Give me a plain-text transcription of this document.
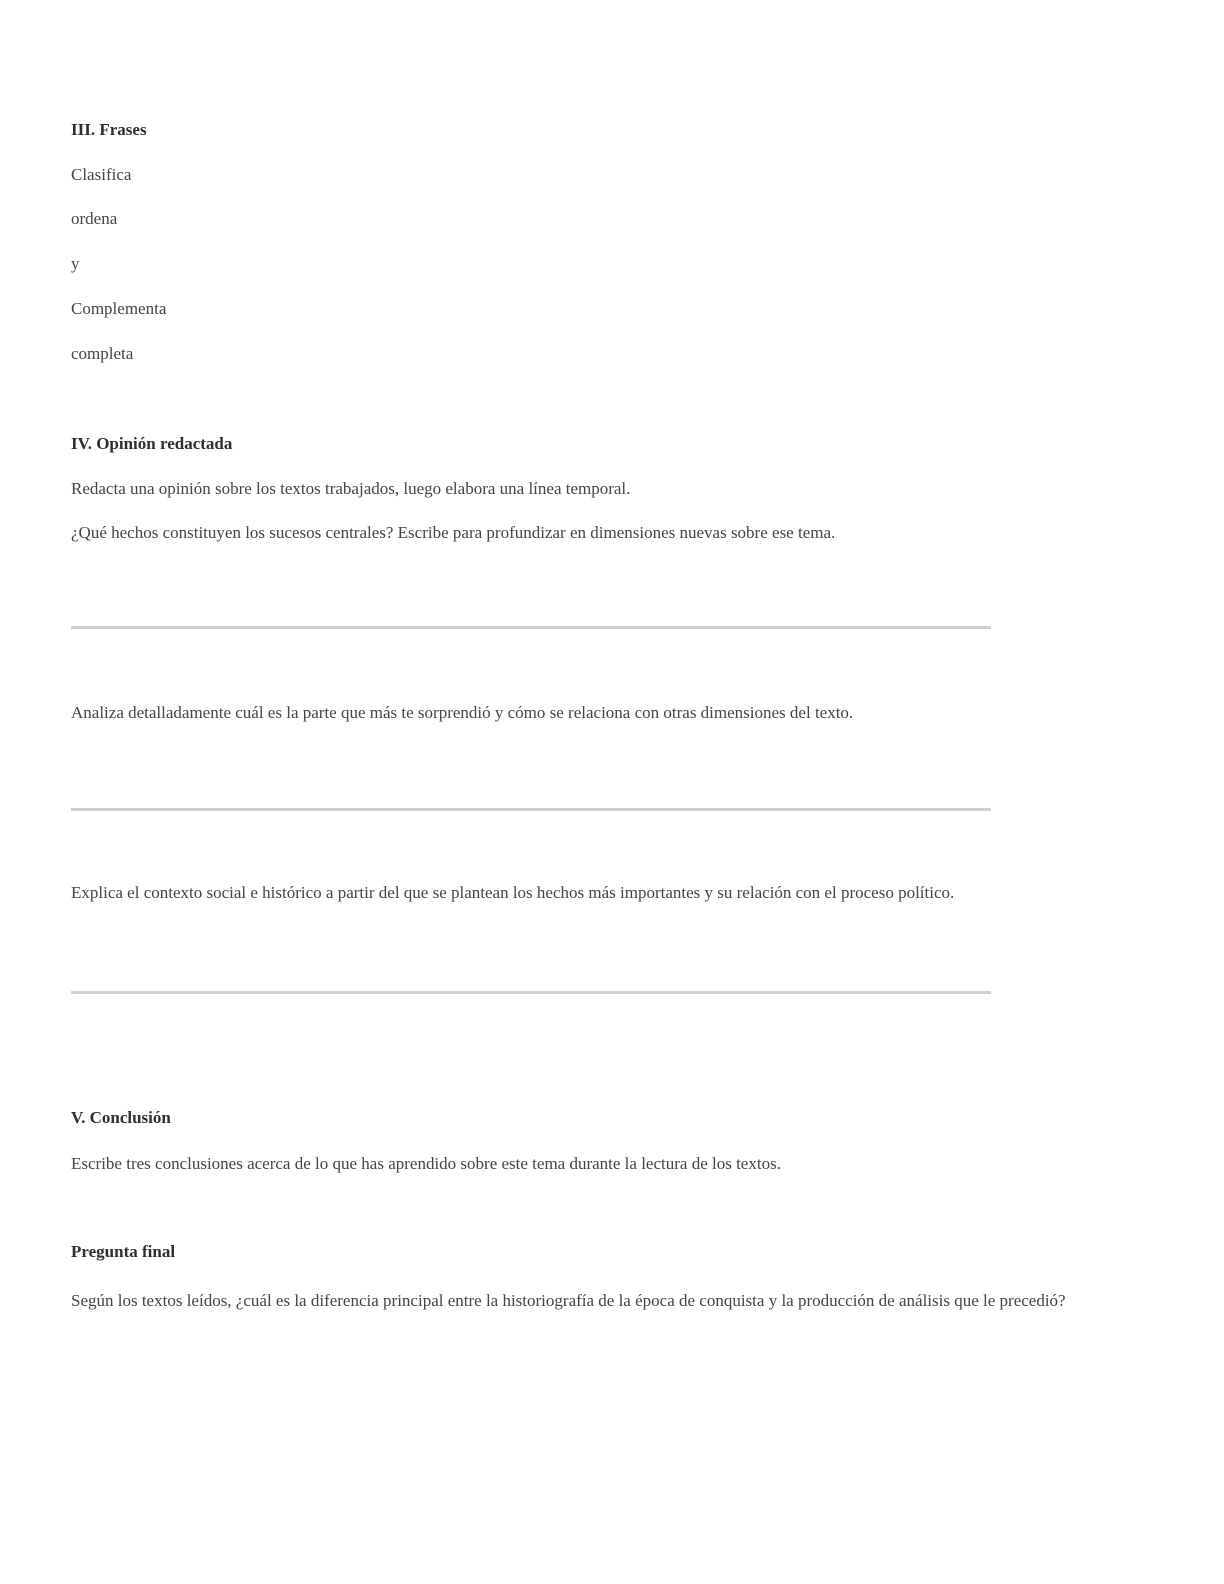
III. Frases
Clasifica
ordena
y
Complementa
completa
IV. Opinión redactada
Redacta una opinión sobre los textos trabajados, luego elabora una línea temporal.
¿Qué hechos constituyen los sucesos centrales? Escribe para profundizar en dimensiones nuevas sobre ese tema.
Analiza detalladamente cuál es la parte que más te sorprendió y cómo se relaciona con otras dimensiones del texto.
Explica el contexto social e histórico a partir del que se plantean los hechos más importantes y su relación con el proceso político.
V. Conclusión
Escribe tres conclusiones acerca de lo que has aprendido sobre este tema durante la lectura de los textos.
Pregunta final
Según los textos leídos, ¿cuál es la diferencia principal entre la historiografía de la época de conquista y la producción de análisis que le precedió?
